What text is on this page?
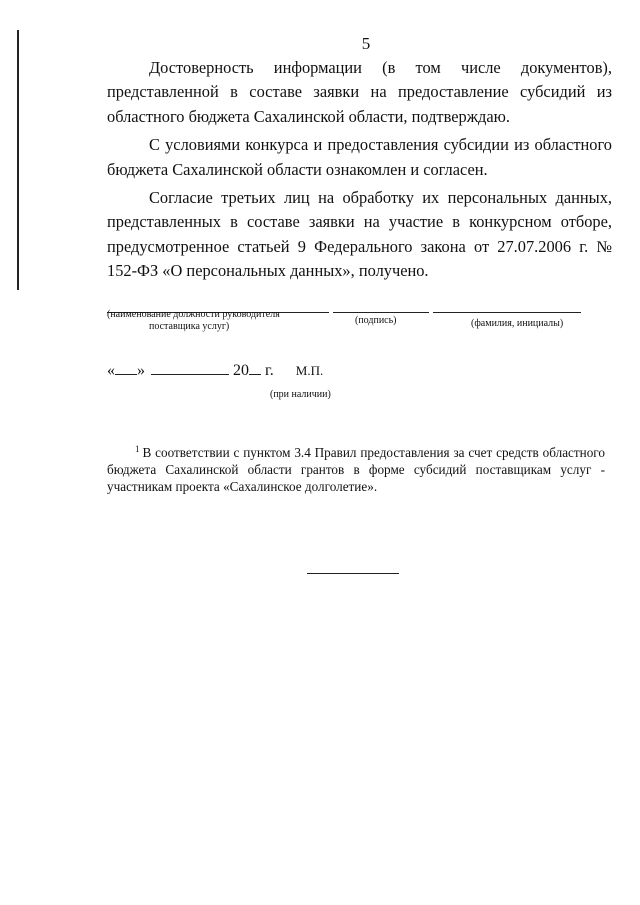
5

Достоверность информации (в том числе документов), представленной в составе заявки на предоставление субсидий из областного бюджета Сахалинской области, подтверждаю.

С условиями конкурса и предоставления субсидии из областного бюджета Сахалинской области ознакомлен и согласен.

Согласие третьих лиц на обработку их персональных данных, представленных в составе заявки на участие в конкурсном отборе, предусмотренное статьей 9 Федерального закона от 27.07.2006 г. № 152-ФЗ «О персональных данных», получено.

(наименование должности руководителя
поставщика услуг)
(подпись)	(фамилия, инициалы)
« »	20 г. М.П.
(при наличии)
$^1$ В соответствии с пунктом 3.4 Правил предоставления за счет средств областного бюджета Сахалинской области грантов в форме субсидий поставщикам услуг - участникам проекта «Сахалинское долголетие».
